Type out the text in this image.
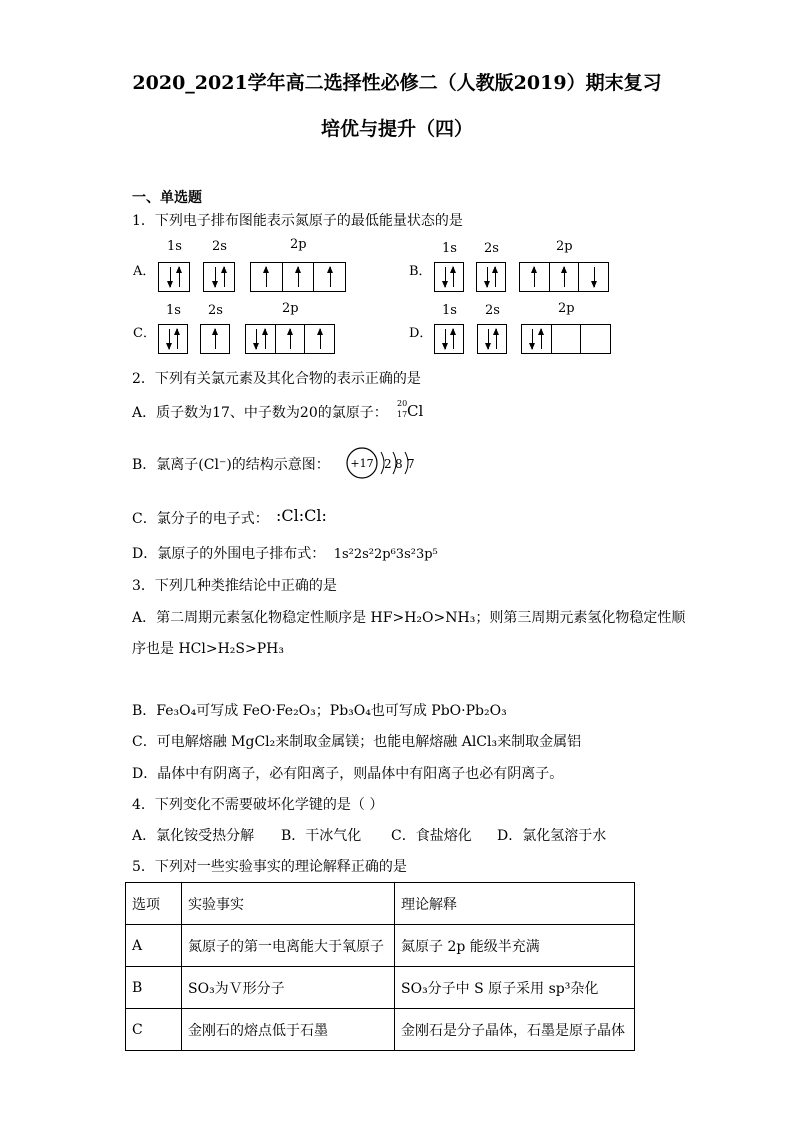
2020_2021学年高二选择性必修二（人教版2019）期末复习
培优与提升（四）
一、单选题
1．下列电子排布图能表示氮原子的最低能量状态的是
A．
1s 2s	2p
B．
1s 2s	2p
C．
1s 2s	2p
D．
1s 2s	2p
2．下列有关氯元素及其化合物的表示正确的是
A．质子数为17、中子数为20的氯原子：
20
17 Cl
B．氯离子(Cl⁻)的结构示意图： +17 2 8 7
C．氯分子的电子式： :Cl:Cl:
D．氯原子的外围电子排布式： 1s²2s²2p⁶3s²3p⁵
3．下列几种类推结论中正确的是
A．第二周期元素氢化物稳定性顺序是 HF>H₂O>NH₃；则第三周期元素氢化物稳定性顺
序也是 HCl>H₂S>PH₃
B．Fe₃O₄可写成 FeO·Fe₂O₃；Pb₃O₄也可写成 PbO·Pb₂O₃
C．可电解熔融 MgCl₂来制取金属镁；也能电解熔融 AlCl₃来制取金属铝
D．晶体中有阴离子，必有阳离子，则晶体中有阳离子也必有阴离子。
4．下列变化不需要破坏化学键的是（ ）
A．氯化铵受热分解 B．干冰气化 C．食盐熔化 D．氯化氢溶于水
5．下列对一些实验事实的理论解释正确的是
选项	实验事实	理论解释
A	氮原子的第一电离能大于氧原子	氮原子 2p 能级半充满
B	SO₃为Ｖ形分子	SO₃分子中 S 原子采用 sp³杂化
C	金刚石的熔点低于石墨	金刚石是分子晶体，石墨是原子晶体
